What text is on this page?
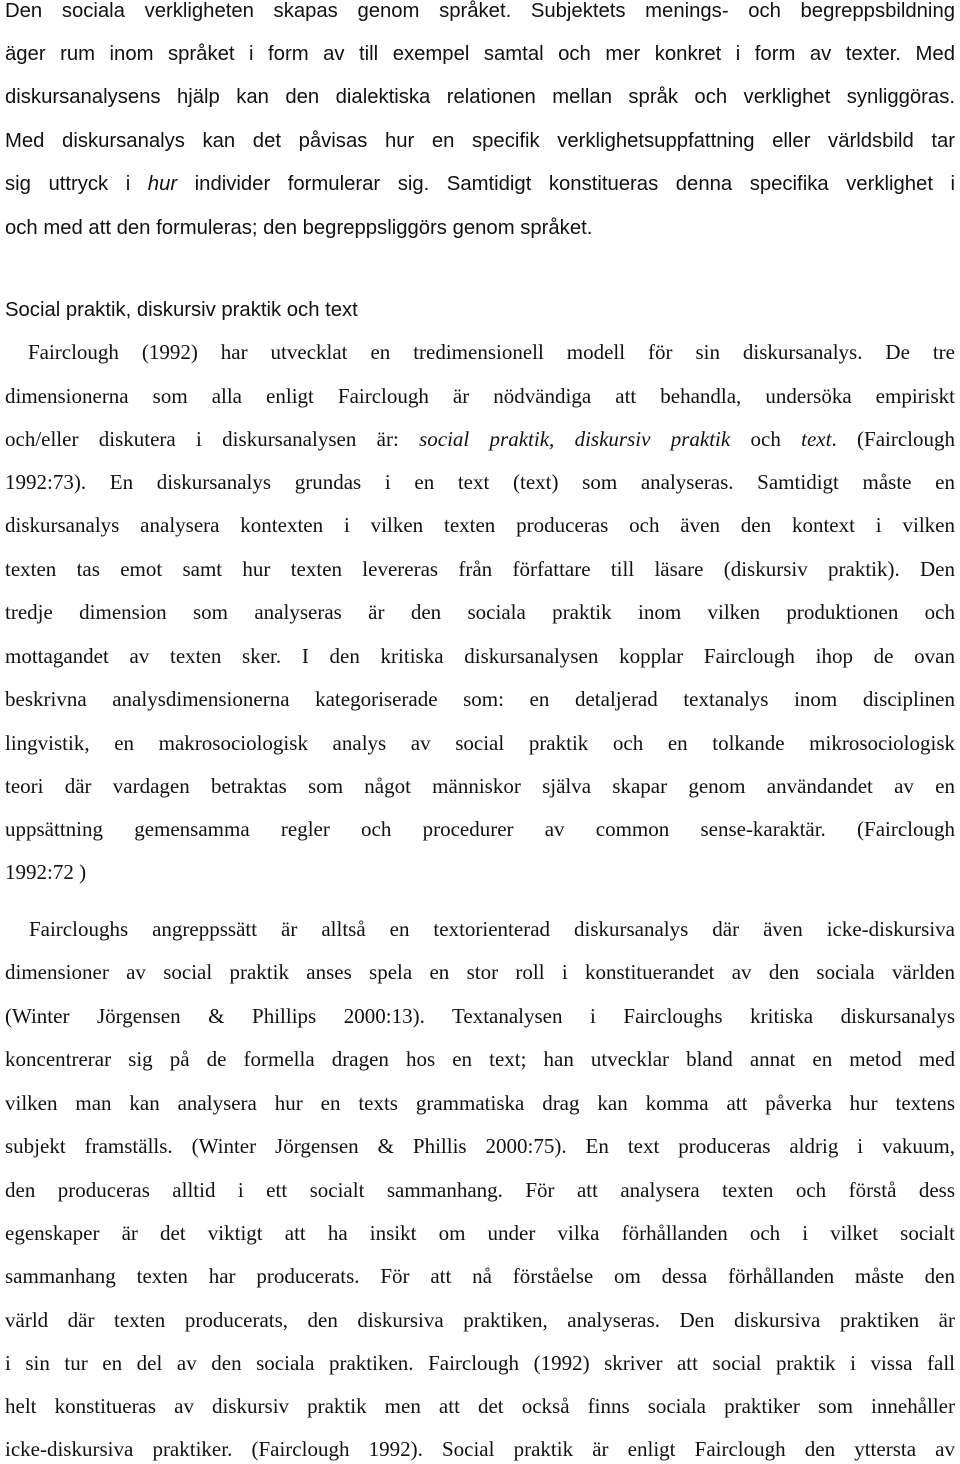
Den sociala verkligheten skapas genom språket. Subjektets menings- och begreppsbildning
äger rum inom språket i form av till exempel samtal och mer konkret i form av texter. Med
diskursanalysens hjälp kan den dialektiska relationen mellan språk och verklighet synliggöras.
Med diskursanalys kan det påvisas hur en specifik verklighetsuppfattning eller världsbild tar
sig uttryck i hur individer formulerar sig. Samtidigt konstitueras denna specifika verklighet i
och med att den formuleras; den begreppsliggörs genom språket.
Social praktik, diskursiv praktik och text
Fairclough (1992) har utvecklat en tredimensionell modell för sin diskursanalys. De tre
dimensionerna som alla enligt Fairclough är nödvändiga att behandla, undersöka empiriskt
och/eller diskutera i diskursanalysen är: social praktik, diskursiv praktik och text. (Fairclough
1992:73). En diskursanalys grundas i en text (text) som analyseras. Samtidigt måste en
diskursanalys analysera kontexten i vilken texten produceras och även den kontext i vilken
texten tas emot samt hur texten levereras från författare till läsare (diskursiv praktik). Den
tredje dimension som analyseras är den sociala praktik inom vilken produktionen och
mottagandet av texten sker. I den kritiska diskursanalysen kopplar Fairclough ihop de ovan
beskrivna analysdimensionerna kategoriserade som: en detaljerad textanalys inom disciplinen
lingvistik, en makrosociologisk analys av social praktik och en tolkande mikrosociologisk
teori där vardagen betraktas som något människor själva skapar genom användandet av en
uppsättning gemensamma regler och procedurer av common sense-karaktär. (Fairclough
1992:72 )
Faircloughs angreppssätt är alltså en textorienterad diskursanalys där även icke-diskursiva
dimensioner av social praktik anses spela en stor roll i konstituerandet av den sociala världen
(Winter Jörgensen & Phillips 2000:13). Textanalysen i Faircloughs kritiska diskursanalys
koncentrerar sig på de formella dragen hos en text; han utvecklar bland annat en metod med
vilken man kan analysera hur en texts grammatiska drag kan komma att påverka hur textens
subjekt framställs. (Winter Jörgensen & Phillis 2000:75). En text produceras aldrig i vakuum,
den produceras alltid i ett socialt sammanhang. För att analysera texten och förstå dess
egenskaper är det viktigt att ha insikt om under vilka förhållanden och i vilket socialt
sammanhang texten har producerats. För att nå förståelse om dessa förhållanden måste den
värld där texten producerats, den diskursiva praktiken, analyseras. Den diskursiva praktiken är
i sin tur en del av den sociala praktiken. Fairclough (1992) skriver att social praktik i vissa fall
helt konstitueras av diskursiv praktik men att det också finns sociala praktiker som innehåller
icke-diskursiva praktiker. (Fairclough 1992). Social praktik är enligt Fairclough den yttersta av
